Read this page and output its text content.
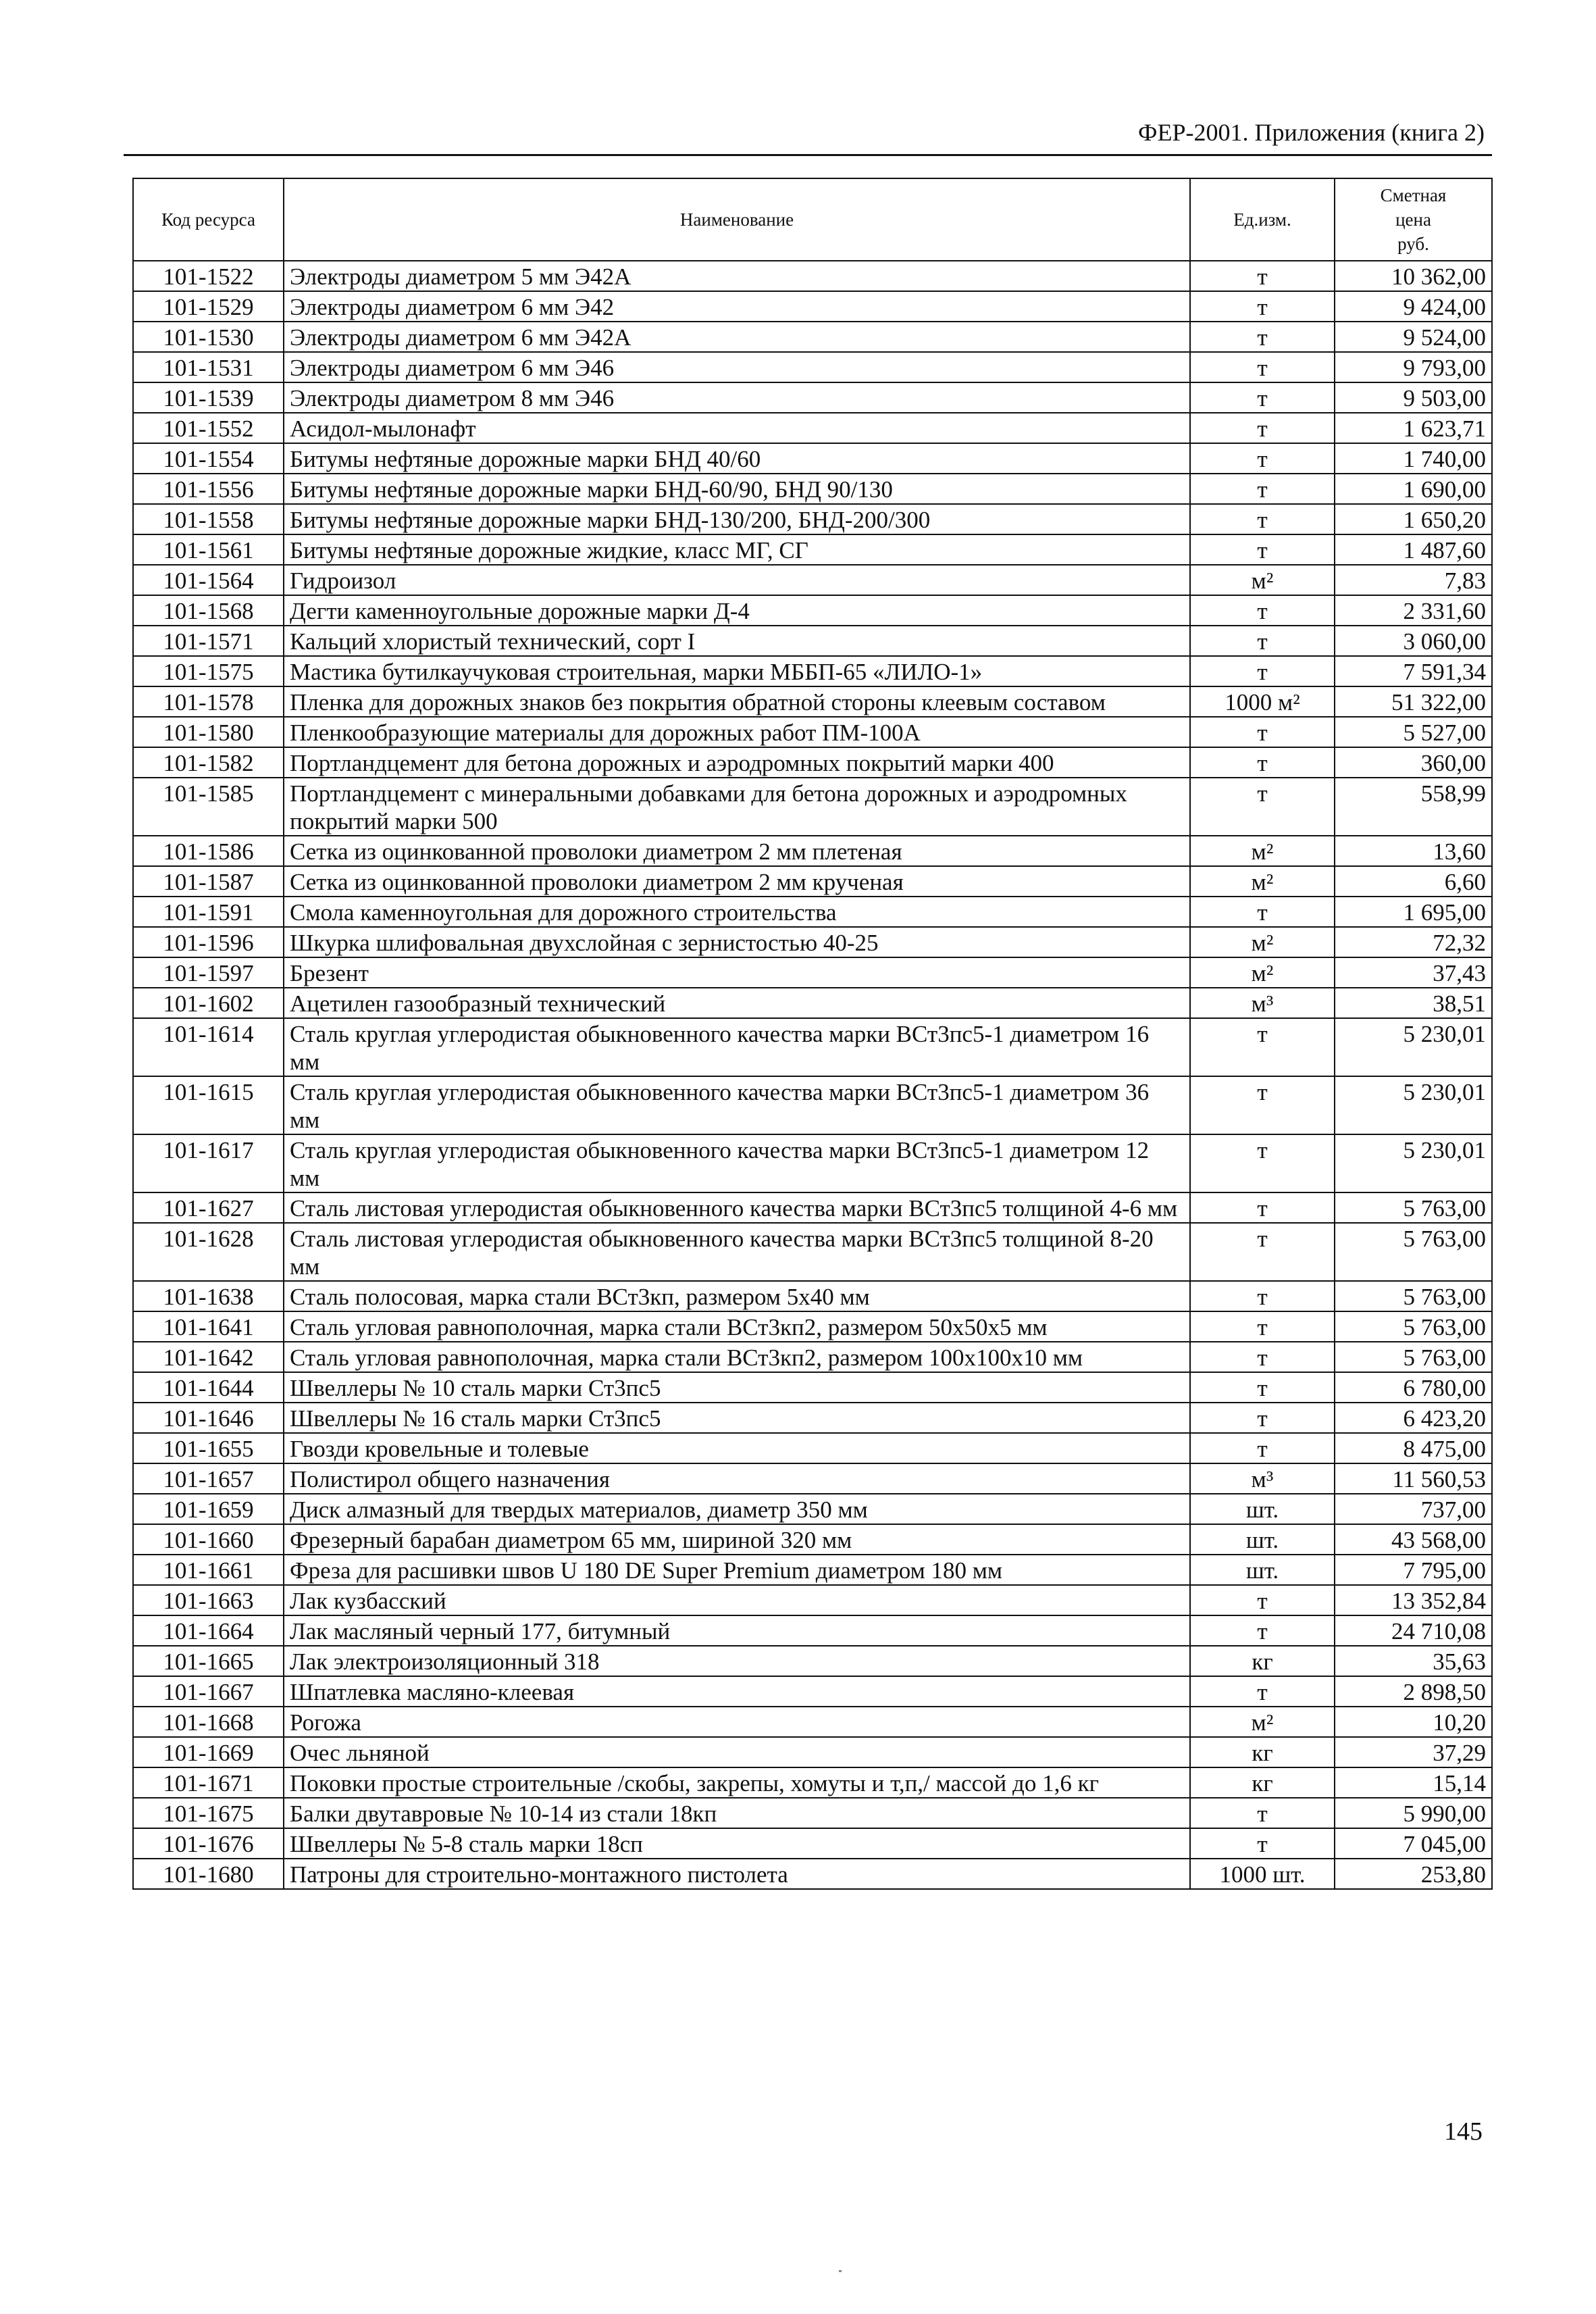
ФЕР-2001. Приложения (книга 2)
Код ресурса	Наименование	Ед.изм.	Сметная
цена
руб.

101-1522	Электроды диаметром 5 мм Э42А	т	10 362,00
101-1529	Электроды диаметром 6 мм Э42	т	9 424,00
101-1530	Электроды диаметром 6 мм Э42А	т	9 524,00
101-1531	Электроды диаметром 6 мм Э46	т	9 793,00
101-1539	Электроды диаметром 8 мм Э46	т	9 503,00
101-1552	Асидол-мылонафт	т	1 623,71
101-1554	Битумы нефтяные дорожные марки БНД 40/60	т	1 740,00
101-1556	Битумы нефтяные дорожные марки БНД-60/90, БНД 90/130	т	1 690,00
101-1558	Битумы нефтяные дорожные марки БНД-130/200, БНД-200/300	т	1 650,20
101-1561	Битумы нефтяные дорожные жидкие, класс МГ, СГ	т	1 487,60
101-1564	Гидроизол	м²	7,83
101-1568	Дегти каменноугольные дорожные марки Д-4	т	2 331,60
101-1571	Кальций хлористый технический, сорт I	т	3 060,00
101-1575	Мастика бутилкаучуковая строительная, марки МББП-65 «ЛИЛО-1»	т	7 591,34
101-1578	Пленка для дорожных знаков без покрытия обратной стороны клеевым составом	1000 м²	51 322,00
101-1580	Пленкообразующие материалы для дорожных работ ПМ-100А	т	5 527,00
101-1582	Портландцемент для бетона дорожных и аэродромных покрытий марки 400	т	360,00
101-1585	Портландцемент с минеральными добавками для бетона дорожных и аэродромных покрытий марки 500	т	558,99
101-1586	Сетка из оцинкованной проволоки диаметром 2 мм плетеная	м²	13,60
101-1587	Сетка из оцинкованной проволоки диаметром 2 мм крученая	м²	6,60
101-1591	Смола каменноугольная для дорожного строительства	т	1 695,00
101-1596	Шкурка шлифовальная двухслойная с зернистостью 40-25	м²	72,32
101-1597	Брезент	м²	37,43
101-1602	Ацетилен газообразный технический	м³	38,51
101-1614	Сталь круглая углеродистая обыкновенного качества марки ВСт3пс5-1 диаметром 16 мм	т	5 230,01
101-1615	Сталь круглая углеродистая обыкновенного качества марки ВСт3пс5-1 диаметром 36 мм	т	5 230,01
101-1617	Сталь круглая углеродистая обыкновенного качества марки ВСт3пс5-1 диаметром 12 мм	т	5 230,01
101-1627	Сталь листовая углеродистая обыкновенного качества марки ВСт3пс5 толщиной 4-6 мм	т	5 763,00
101-1628	Сталь листовая углеродистая обыкновенного качества марки ВСт3пс5 толщиной 8-20 мм	т	5 763,00
101-1638	Сталь полосовая, марка стали ВСт3кп, размером 5х40 мм	т	5 763,00
101-1641	Сталь угловая равнополочная, марка стали ВСт3кп2, размером 50х50х5 мм	т	5 763,00
101-1642	Сталь угловая равнополочная, марка стали ВСт3кп2, размером 100х100х10 мм	т	5 763,00
101-1644	Швеллеры № 10 сталь марки Ст3пс5	т	6 780,00
101-1646	Швеллеры № 16 сталь марки Ст3пс5	т	6 423,20
101-1655	Гвозди кровельные и толевые	т	8 475,00
101-1657	Полистирол общего назначения	м³	11 560,53
101-1659	Диск алмазный для твердых материалов, диаметр 350 мм	шт.	737,00
101-1660	Фрезерный барабан диаметром 65 мм, шириной 320 мм	шт.	43 568,00
101-1661	Фреза для расшивки швов U 180 DE Super Premium диаметром 180 мм	шт.	7 795,00
101-1663	Лак кузбасский	т	13 352,84
101-1664	Лак масляный черный 177, битумный	т	24 710,08
101-1665	Лак электроизоляционный 318	кг	35,63
101-1667	Шпатлевка масляно-клеевая	т	2 898,50
101-1668	Рогожа	м²	10,20
101-1669	Очес льняной	кг	37,29
101-1671	Поковки простые строительные /скобы, закрепы, хомуты и т,п,/ массой до 1,6 кг	кг	15,14
101-1675	Балки двутавровые № 10-14 из стали 18кп	т	5 990,00
101-1676	Швеллеры № 5-8 сталь марки 18сп	т	7 045,00
101-1680	Патроны для строительно-монтажного пистолета	1000 шт.	253,80
145
